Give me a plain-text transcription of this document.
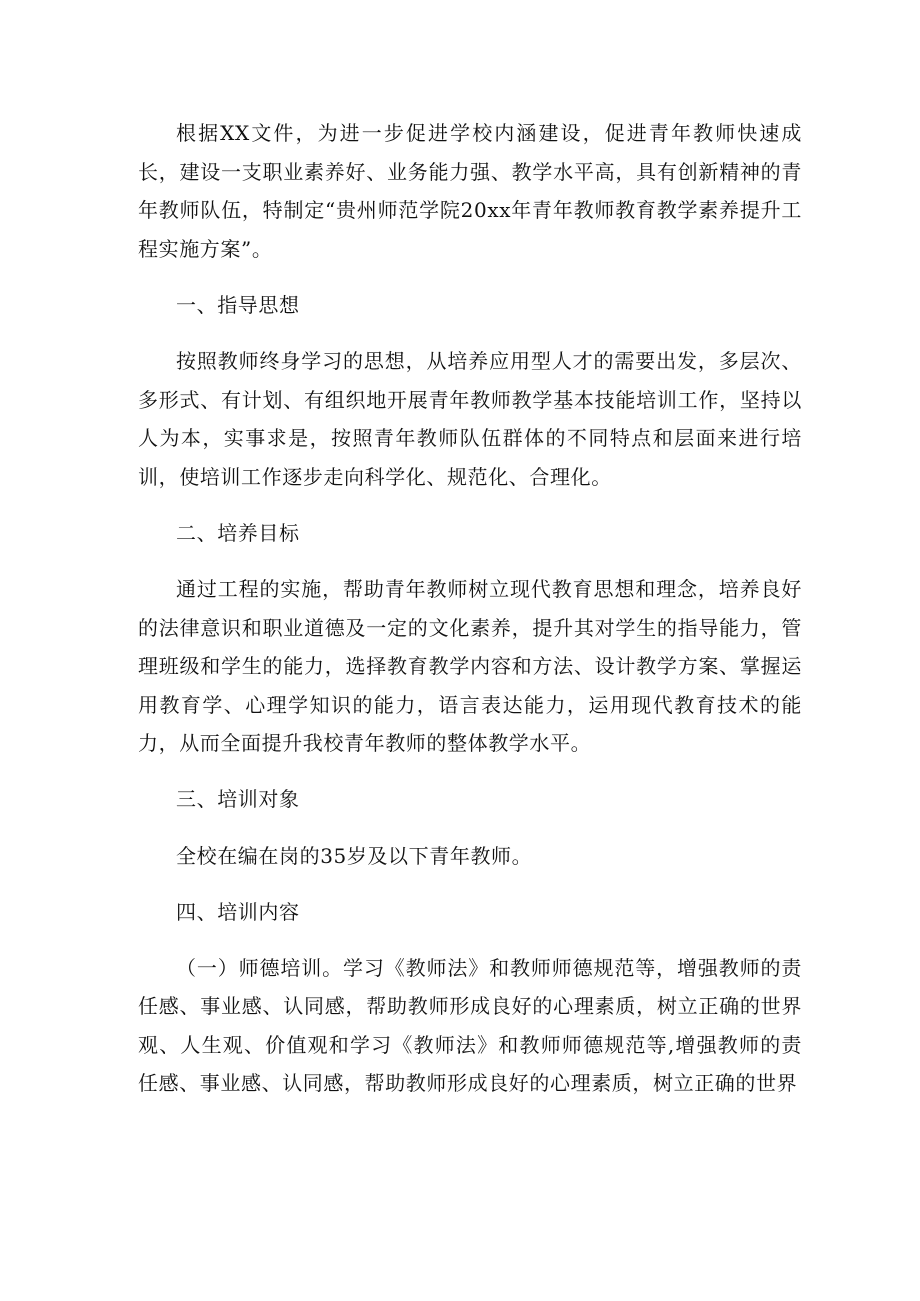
根据XX文件，为进一步促进学校内涵建设，促进青年教师快速成长，建设一支职业素养好、业务能力强、教学水平高，具有创新精神的青年教师队伍，特制定“贵州师范学院20xx年青年教师教育教学素养提升工程实施方案”。

一、指导思想

按照教师终身学习的思想，从培养应用型人才的需要出发，多层次、多形式、有计划、有组织地开展青年教师教学基本技能培训工作，坚持以人为本，实事求是，按照青年教师队伍群体的不同特点和层面来进行培训，使培训工作逐步走向科学化、规范化、合理化。

二、培养目标

通过工程的实施，帮助青年教师树立现代教育思想和理念，培养良好的法律意识和职业道德及一定的文化素养，提升其对学生的指导能力，管理班级和学生的能力，选择教育教学内容和方法、设计教学方案、掌握运用教育学、心理学知识的能力，语言表达能力，运用现代教育技术的能力，从而全面提升我校青年教师的整体教学水平。

三、培训对象

全校在编在岗的35岁及以下青年教师。

四、培训内容

（一）师德培训。学习《教师法》和教师师德规范等，增强教师的责任感、事业感、认同感，帮助教师形成良好的心理素质，树立正确的世界观、人生观、价值观和学习《教师法》和教师师德规范等,增强教师的责任感、事业感、认同感，帮助教师形成良好的心理素质，树立正确的世界
